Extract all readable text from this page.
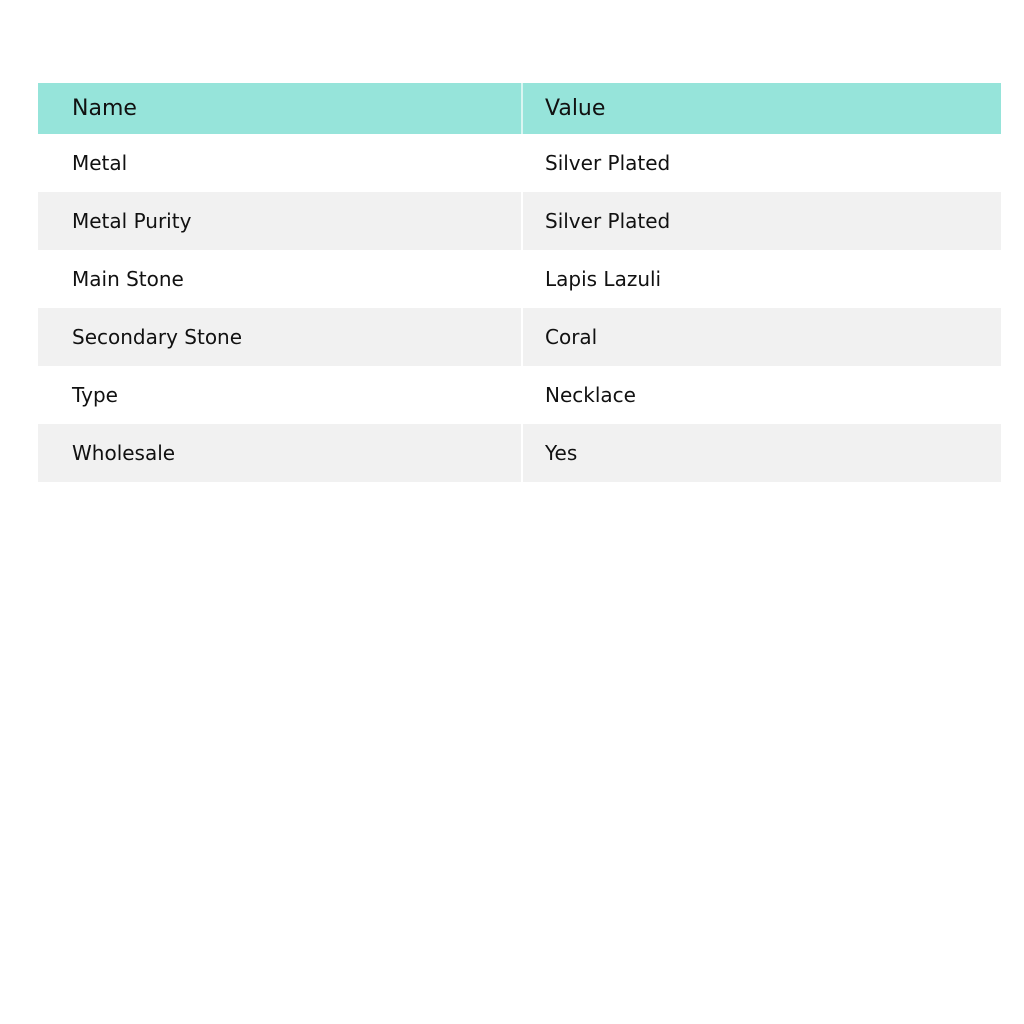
Name	Value
Metal	Silver Plated
Metal Purity	Silver Plated
Main Stone	Lapis Lazuli
Secondary Stone	Coral
Type	Necklace
Wholesale	Yes
